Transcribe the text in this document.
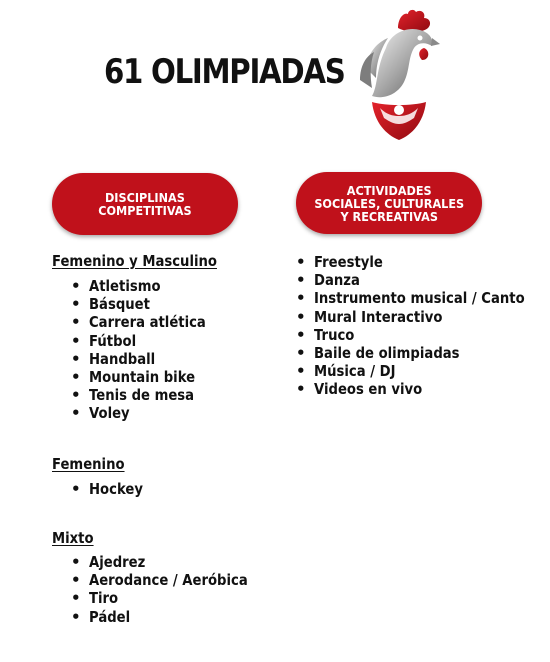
61 OLIMPIADAS
DISCIPLINAS
COMPETITIVAS
ACTIVIDADES
SOCIALES, CULTURALES
Y RECREATIVAS
Femenino y Masculino
• Atletismo
• Básquet
• Carrera atlética
• Fútbol
• Handball
• Mountain bike
• Tenis de mesa
• Voley
Femenino
• Hockey
Mixto
• Ajedrez
• Aerodance / Aeróbica
• Tiro
• Pádel
• Freestyle
• Danza
• Instrumento musical / Canto
• Mural Interactivo
• Truco
• Baile de olimpiadas
• Música / DJ
• Videos en vivo
